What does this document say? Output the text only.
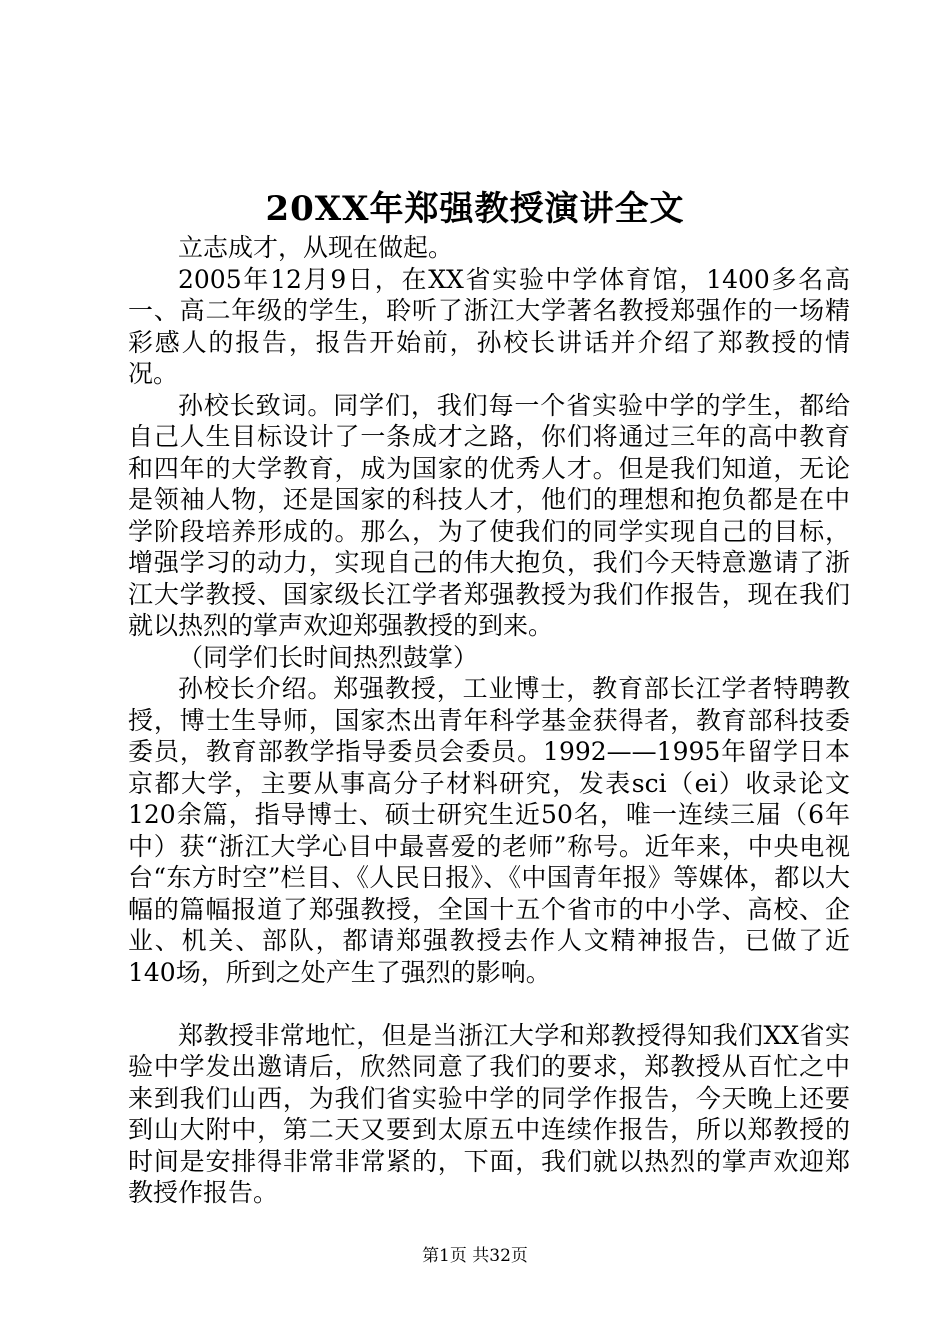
20XX年郑强教授演讲全文

立志成才，从现在做起。

2005年12月9日，在XX省实验中学体育馆，1400多名高一、高二年级的学生，聆听了浙江大学著名教授郑强作的一场精彩感人的报告，报告开始前，孙校长讲话并介绍了郑教授的情况。

孙校长致词。同学们，我们每一个省实验中学的学生，都给自己人生目标设计了一条成才之路，你们将通过三年的高中教育和四年的大学教育，成为国家的优秀人才。但是我们知道，无论是领袖人物，还是国家的科技人才，他们的理想和抱负都是在中学阶段培养形成的。那么，为了使我们的同学实现自己的目标，增强学习的动力，实现自己的伟大抱负，我们今天特意邀请了浙江大学教授、国家级长江学者郑强教授为我们作报告，现在我们就以热烈的掌声欢迎郑强教授的到来。

（同学们长时间热烈鼓掌）

孙校长介绍。郑强教授，工业博士，教育部长江学者特聘教授，博士生导师，国家杰出青年科学基金获得者，教育部科技委委员，教育部教学指导委员会委员。1992——1995年留学日本京都大学，主要从事高分子材料研究，发表sci（ei）收录论文120余篇，指导博士、硕士研究生近50名，唯一连续三届（6年中）获“浙江大学心目中最喜爱的老师”称号。近年来，中央电视台“东方时空”栏目、《人民日报》、《中国青年报》等媒体，都以大幅的篇幅报道了郑强教授，全国十五个省市的中小学、高校、企业、机关、部队，都请郑强教授去作人文精神报告，已做了近140场，所到之处产生了强烈的影响。

郑教授非常地忙，但是当浙江大学和郑教授得知我们XX省实验中学发出邀请后，欣然同意了我们的要求，郑教授从百忙之中来到我们山西，为我们省实验中学的同学作报告，今天晚上还要到山大附中，第二天又要到太原五中连续作报告，所以郑教授的时间是安排得非常非常紧的，下面，我们就以热烈的掌声欢迎郑教授作报告。

第1页 共32页
